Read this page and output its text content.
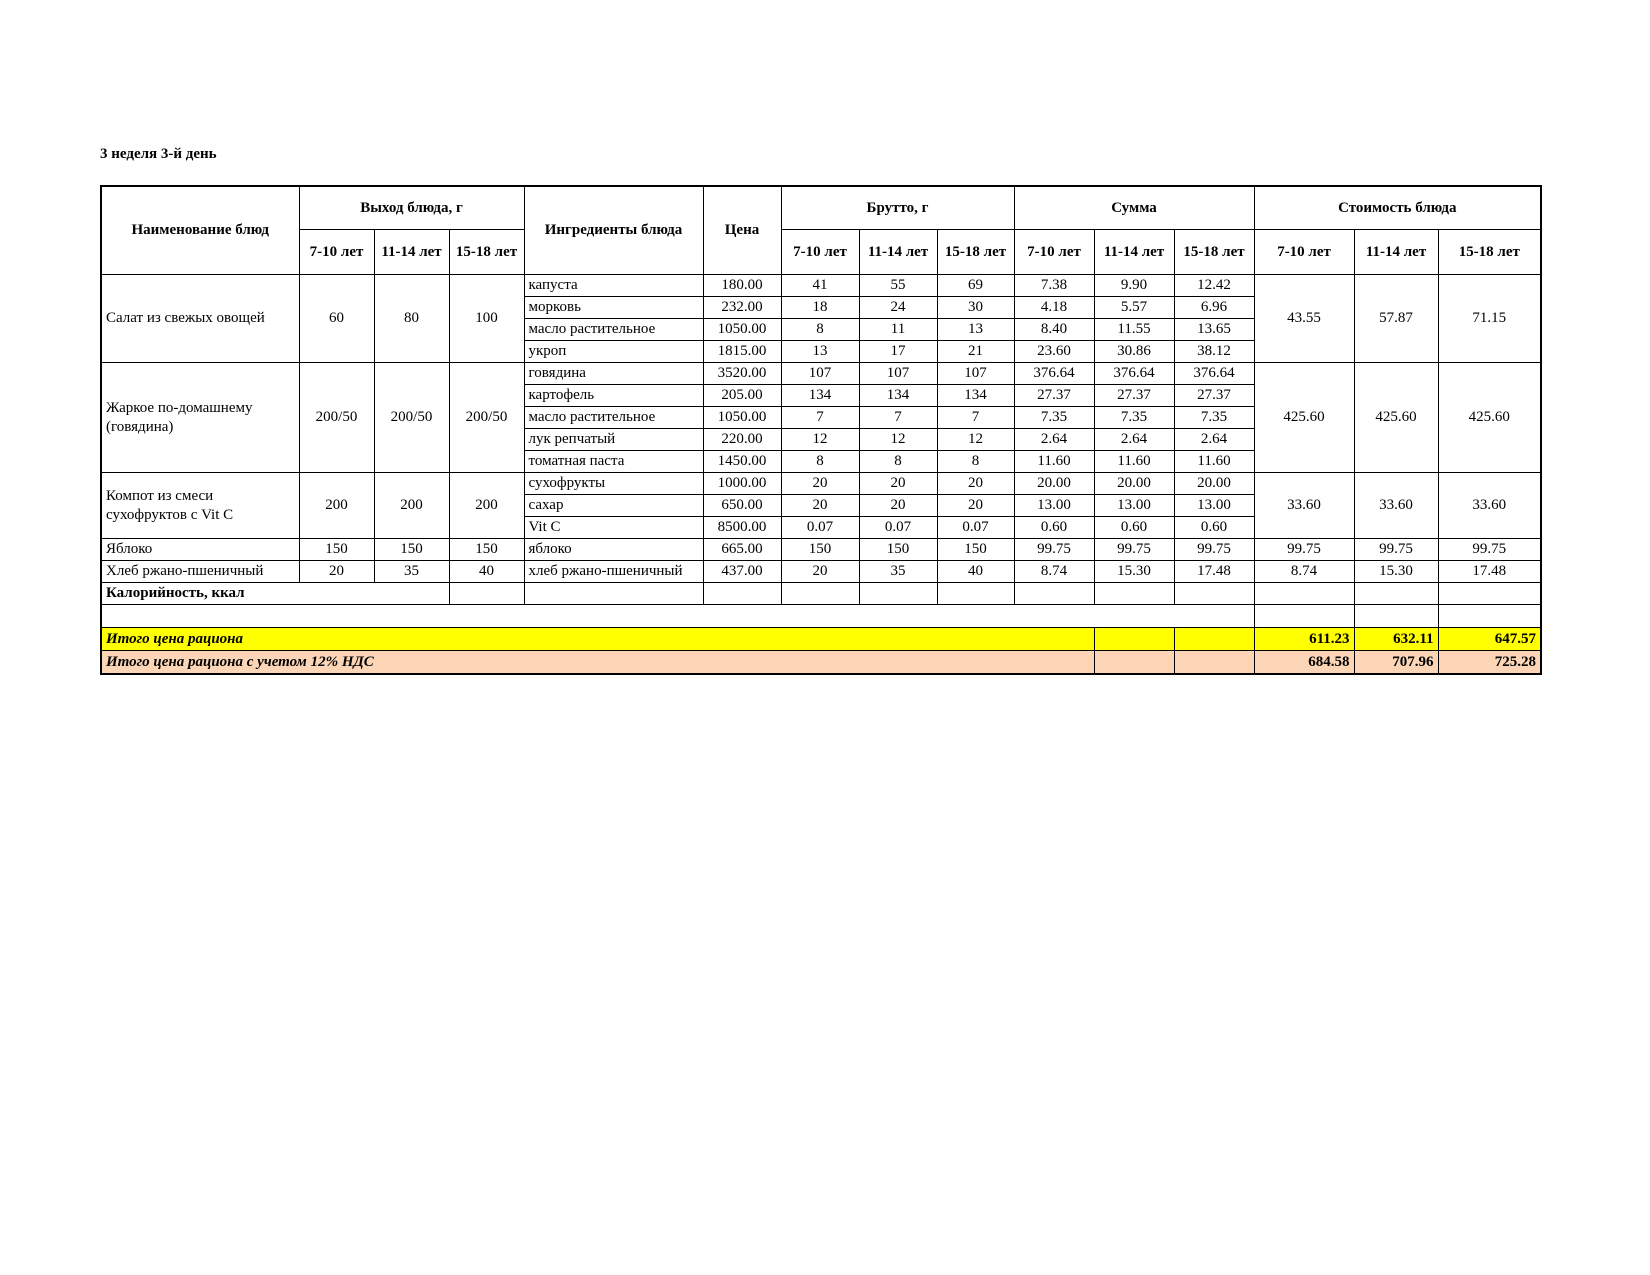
3 неделя 3-й день
Наименование блюд	Выход блюда, г			Ингредиенты блюда	Цена	Брутто, г			Сумма			Стоимость блюда		
	7-10 лет	11-14 лет	15-18 лет			7-10 лет	11-14 лет	15-18 лет	7-10 лет	11-14 лет	15-18 лет	7-10 лет	11-14 лет	15-18 лет
Салат из свежых овощей	60	80	100	капуста	180.00	41	55	69	7.38	9.90	12.42	43.55	57.87	71.15
				морковь	232.00	18	24	30	4.18	5.57	6.96			
				масло растительное	1050.00	8	11	13	8.40	11.55	13.65			
				укроп	1815.00	13	17	21	23.60	30.86	38.12			
Жаркое по-домашнему (говядина)	200/50	200/50	200/50	говядина	3520.00	107	107	107	376.64	376.64	376.64	425.60	425.60	425.60
				картофель	205.00	134	134	134	27.37	27.37	27.37			
				масло растительное	1050.00	7	7	7	7.35	7.35	7.35			
				лук репчатый	220.00	12	12	12	2.64	2.64	2.64			
				томатная паста	1450.00	8	8	8	11.60	11.60	11.60			
Компот из смеси сухофруктов с Vit C	200	200	200	сухофрукты	1000.00	20	20	20	20.00	20.00	20.00	33.60	33.60	33.60
				сахар	650.00	20	20	20	13.00	13.00	13.00			
				Vit C	8500.00	0.07	0.07	0.07	0.60	0.60	0.60			
Яблоко	150	150	150	яблоко	665.00	150	150	150	99.75	99.75	99.75	99.75	99.75	99.75
Хлеб ржано-пшеничный	20	35	40	хлеб ржано-пшеничный	437.00	20	35	40	8.74	15.30	17.48	8.74	15.30	17.48
Калорийность, ккал														

Итого цена рациона												611.23	632.11	647.57
Итого цена рациона с учетом 12% НДС												684.58	707.96	725.28
